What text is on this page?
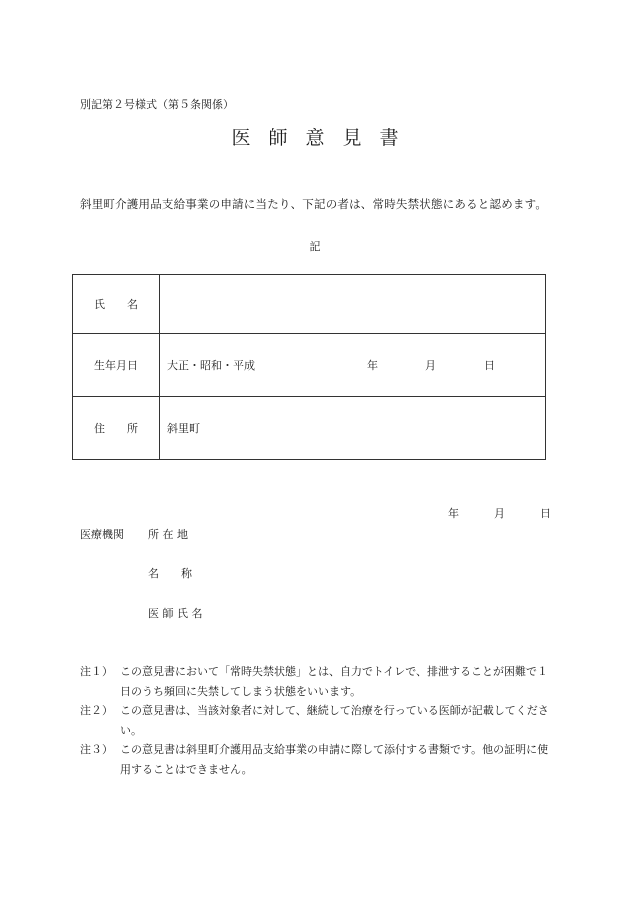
別記第２号様式（第５条関係）
医師意見書
斜里町介護用品支給事業の申請に当たり、下記の者は、常時失禁状態にあると認めます。
記
氏　　名	
生年月日	大正・昭和・平成 年 月 日

住　　所	斜里町
年	月	日
医療機関 所 在 地
名　　称
医 師 氏 名
注１） この意見書において「常時失禁状態」とは、自力でトイレで、排泄することが困難で１日のうち頻回に失禁してしまう状態をいいます。
注２） この意見書は、当該対象者に対して、継続して治療を行っている医師が記載してください。
注３） この意見書は斜里町介護用品支給事業の申請に際して添付する書類です。他の証明に使用することはできません。
